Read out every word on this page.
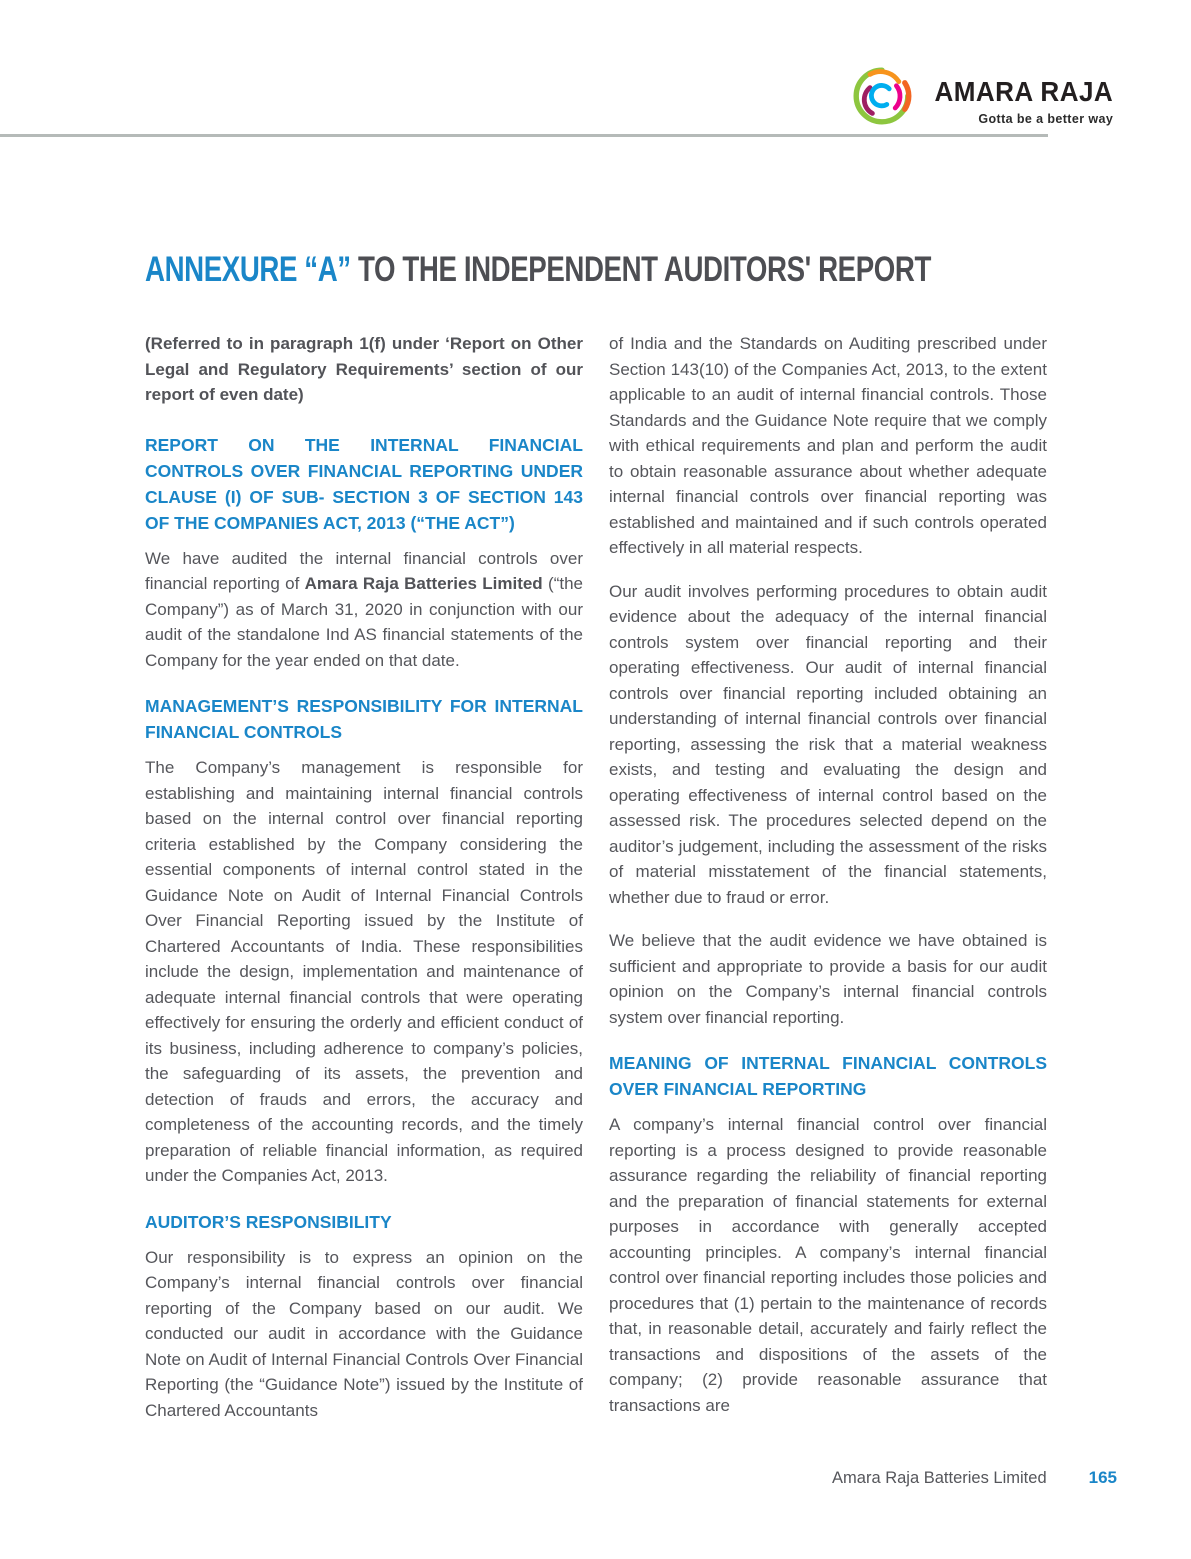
AMARA RAJA
Gotta be a better way
ANNEXURE “A” TO THE INDEPENDENT AUDITORS' REPORT

(Referred to in paragraph 1(f) under ‘Report on Other Legal and Regulatory Requirements’ section of our report of even date)

REPORT ON THE INTERNAL FINANCIAL CONTROLS OVER FINANCIAL REPORTING UNDER CLAUSE (I) OF SUB- SECTION 3 OF SECTION 143 OF THE COMPANIES ACT, 2013 (“THE ACT”)

We have audited the internal financial controls over financial reporting of Amara Raja Batteries Limited (“the Company”) as of March 31, 2020 in conjunction with our audit of the standalone Ind AS financial statements of the Company for the year ended on that date.

MANAGEMENT’S RESPONSIBILITY FOR INTERNAL FINANCIAL CONTROLS

The Company’s management is responsible for establishing and maintaining internal financial controls based on the internal control over financial reporting criteria established by the Company considering the essential components of internal control stated in the Guidance Note on Audit of Internal Financial Controls Over Financial Reporting issued by the Institute of Chartered Accountants of India. These responsibilities include the design, implementation and maintenance of adequate internal financial controls that were operating effectively for ensuring the orderly and efficient conduct of its business, including adherence to company’s policies, the safeguarding of its assets, the prevention and detection of frauds and errors, the accuracy and completeness of the accounting records, and the timely preparation of reliable financial information, as required under the Companies Act, 2013.

AUDITOR’S RESPONSIBILITY

Our responsibility is to express an opinion on the Company’s internal financial controls over financial reporting of the Company based on our audit. We conducted our audit in accordance with the Guidance Note on Audit of Internal Financial Controls Over Financial Reporting (the “Guidance Note”) issued by the Institute of Chartered Accountants

of India and the Standards on Auditing prescribed under Section 143(10) of the Companies Act, 2013, to the extent applicable to an audit of internal financial controls. Those Standards and the Guidance Note require that we comply with ethical requirements and plan and perform the audit to obtain reasonable assurance about whether adequate internal financial controls over financial reporting was established and maintained and if such controls operated effectively in all material respects.

Our audit involves performing procedures to obtain audit evidence about the adequacy of the internal financial controls system over financial reporting and their operating effectiveness. Our audit of internal financial controls over financial reporting included obtaining an understanding of internal financial controls over financial reporting, assessing the risk that a material weakness exists, and testing and evaluating the design and operating effectiveness of internal control based on the assessed risk. The procedures selected depend on the auditor’s judgement, including the assessment of the risks of material misstatement of the financial statements, whether due to fraud or error.

We believe that the audit evidence we have obtained is sufficient and appropriate to provide a basis for our audit opinion on the Company’s internal financial controls system over financial reporting.

MEANING OF INTERNAL FINANCIAL CONTROLS OVER FINANCIAL REPORTING

A company’s internal financial control over financial reporting is a process designed to provide reasonable assurance regarding the reliability of financial reporting and the preparation of financial statements for external purposes in accordance with generally accepted accounting principles. A company’s internal financial control over financial reporting includes those policies and procedures that (1) pertain to the maintenance of records that, in reasonable detail, accurately and fairly reflect the transactions and dispositions of the assets of the company; (2) provide reasonable assurance that transactions are

Amara Raja Batteries Limited 165
